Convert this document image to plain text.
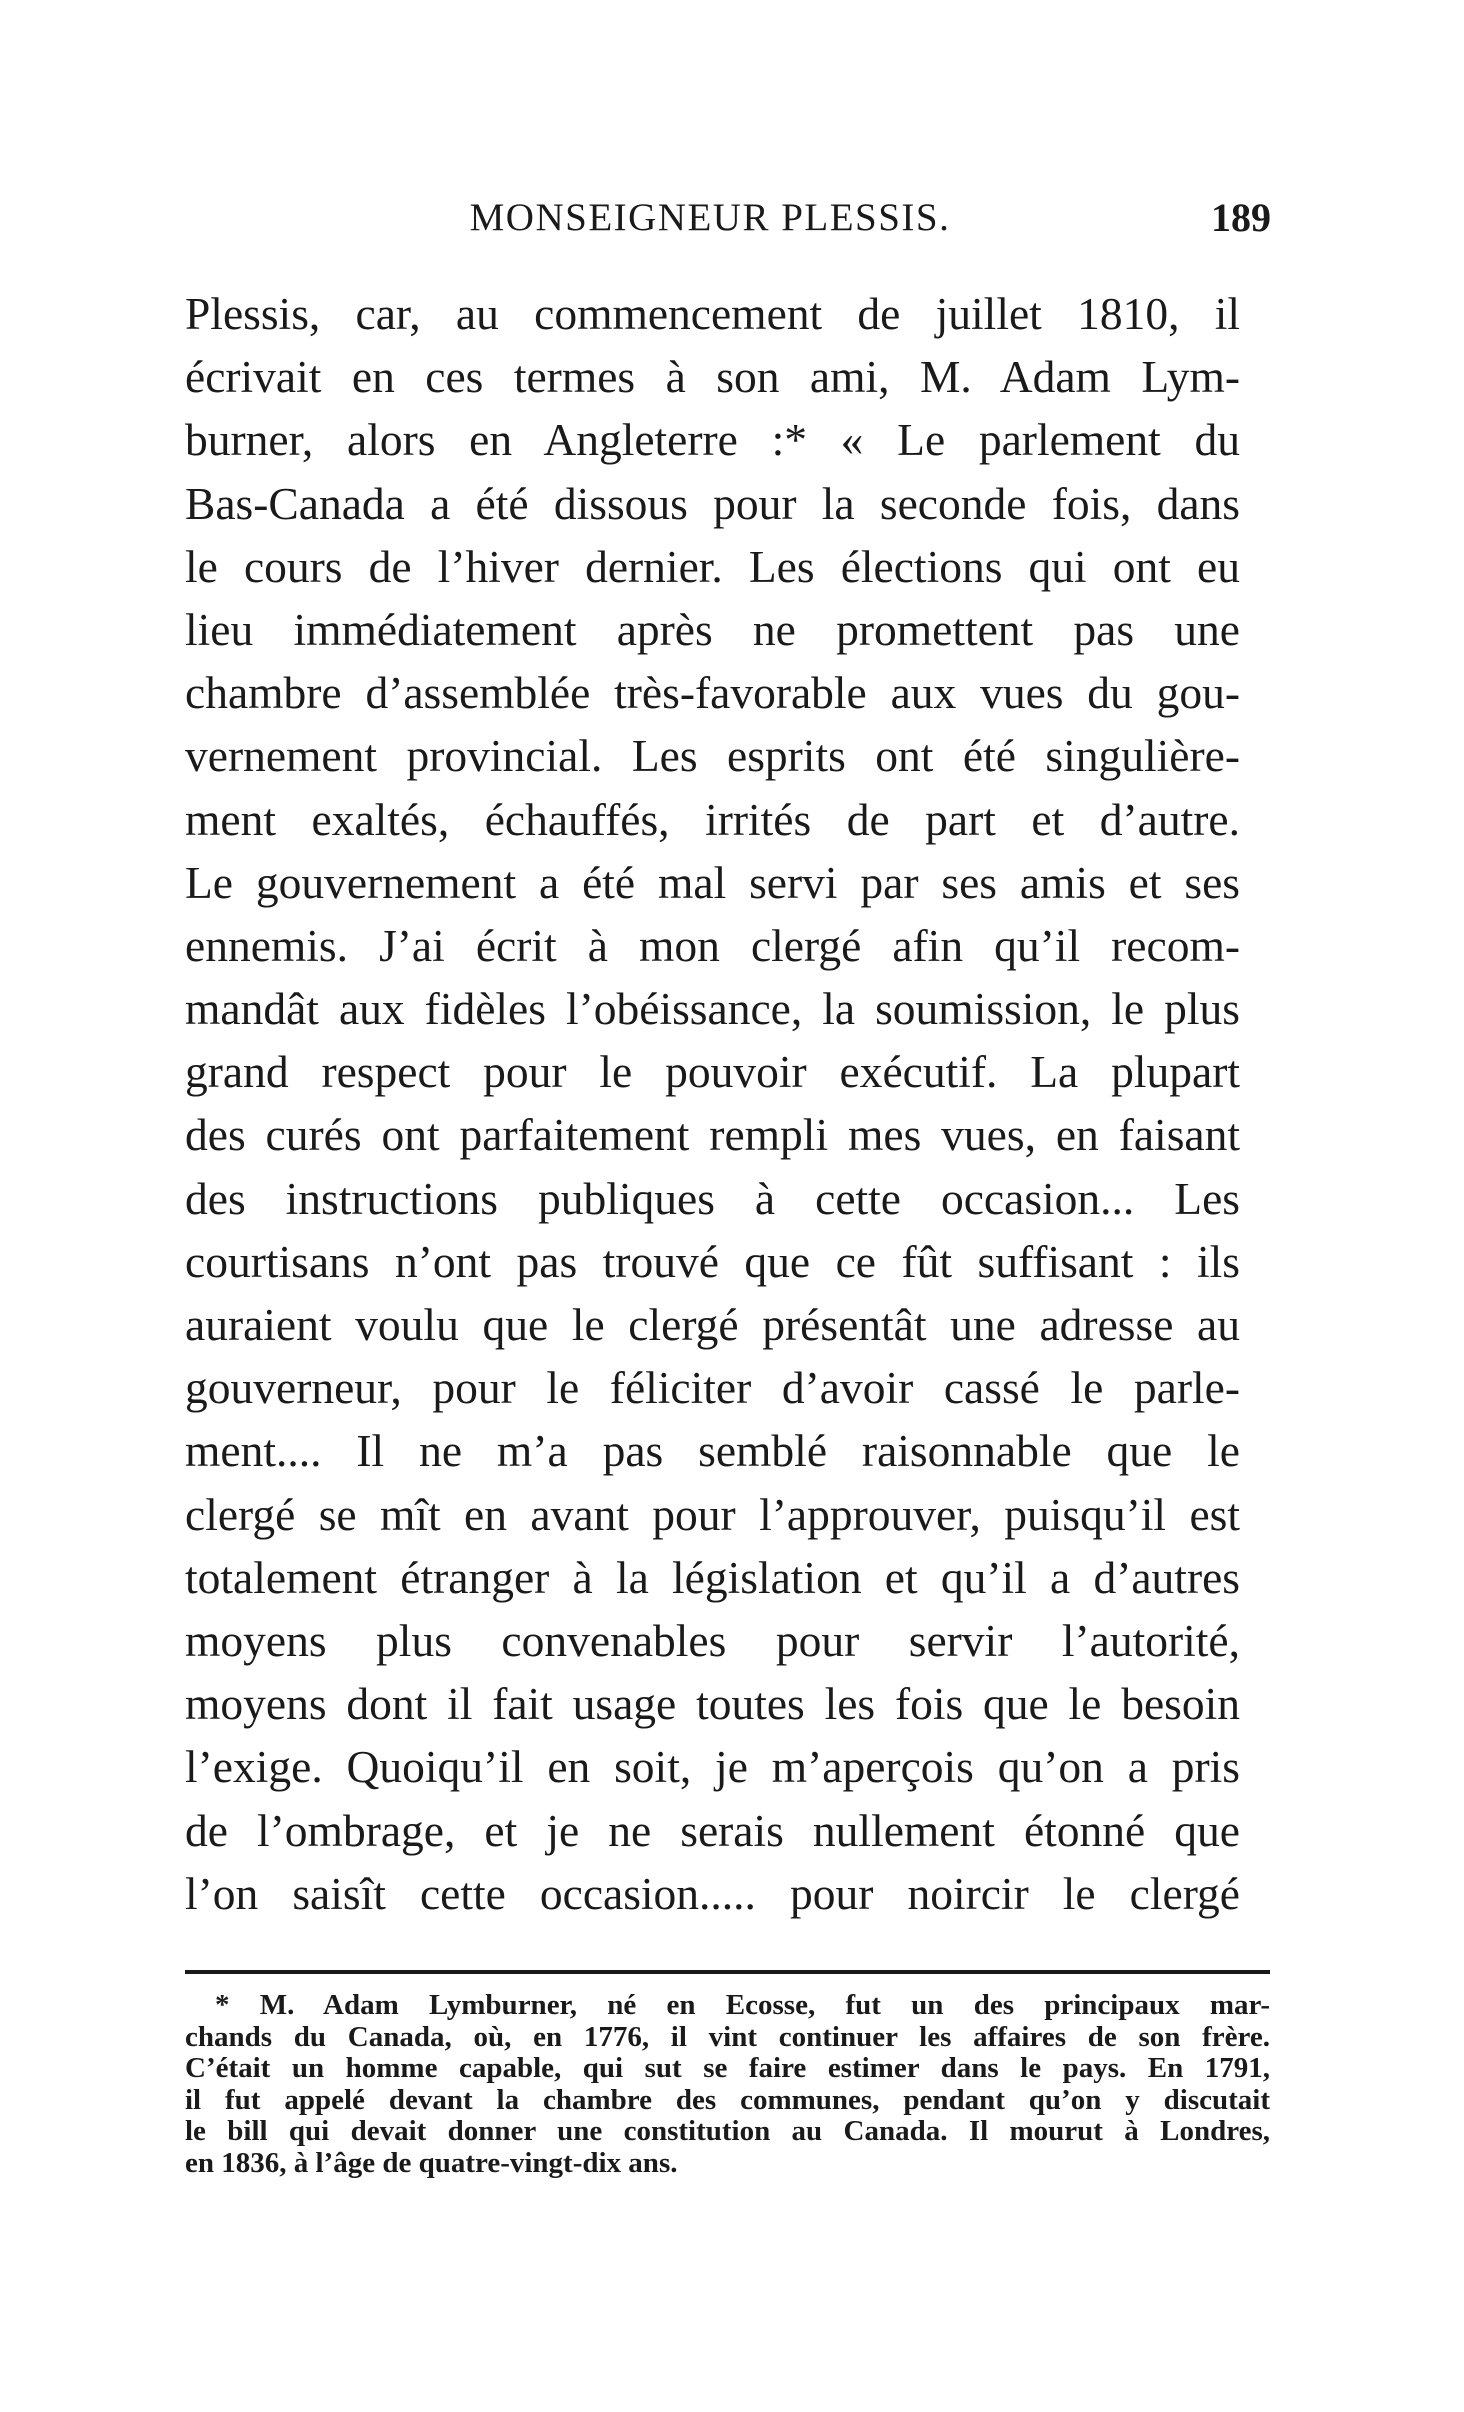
MONSEIGNEUR PLESSIS.	189
Plessis, car, au commencement de juillet 1810, il
écrivait en ces termes à son ami, M. Adam Lym-
burner, alors en Angleterre :* « Le parlement du
Bas-Canada a été dissous pour la seconde fois, dans
le cours de l’hiver dernier. Les élections qui ont eu
lieu immédiatement après ne promettent pas une
chambre d’assemblée très-favorable aux vues du gou-
vernement provincial. Les esprits ont été singulière-
ment exaltés, échauffés, irrités de part et d’autre.
Le gouvernement a été mal servi par ses amis et ses
ennemis. J’ai écrit à mon clergé afin qu’il recom-
mandât aux fidèles l’obéissance, la soumission, le plus
grand respect pour le pouvoir exécutif. La plupart
des curés ont parfaitement rempli mes vues, en faisant
des instructions publiques à cette occasion... Les
courtisans n’ont pas trouvé que ce fût suffisant : ils
auraient voulu que le clergé présentât une adresse au
gouverneur, pour le féliciter d’avoir cassé le parle-
ment.... Il ne m’a pas semblé raisonnable que le
clergé se mît en avant pour l’approuver, puisqu’il est
totalement étranger à la législation et qu’il a d’autres
moyens plus convenables pour servir l’autorité,
moyens dont il fait usage toutes les fois que le besoin
l’exige. Quoiqu’il en soit, je m’aperçois qu’on a pris
de l’ombrage, et je ne serais nullement étonné que
l’on saisît cette occasion..... pour noircir le clergé
* M. Adam Lymburner, né en Ecosse, fut un des principaux mar-
chands du Canada, où, en 1776, il vint continuer les affaires de son frère.
C’était un homme capable, qui sut se faire estimer dans le pays. En 1791,
il fut appelé devant la chambre des communes, pendant qu’on y discutait
le bill qui devait donner une constitution au Canada. Il mourut à Londres,
en 1836, à l’âge de quatre-vingt-dix ans.
